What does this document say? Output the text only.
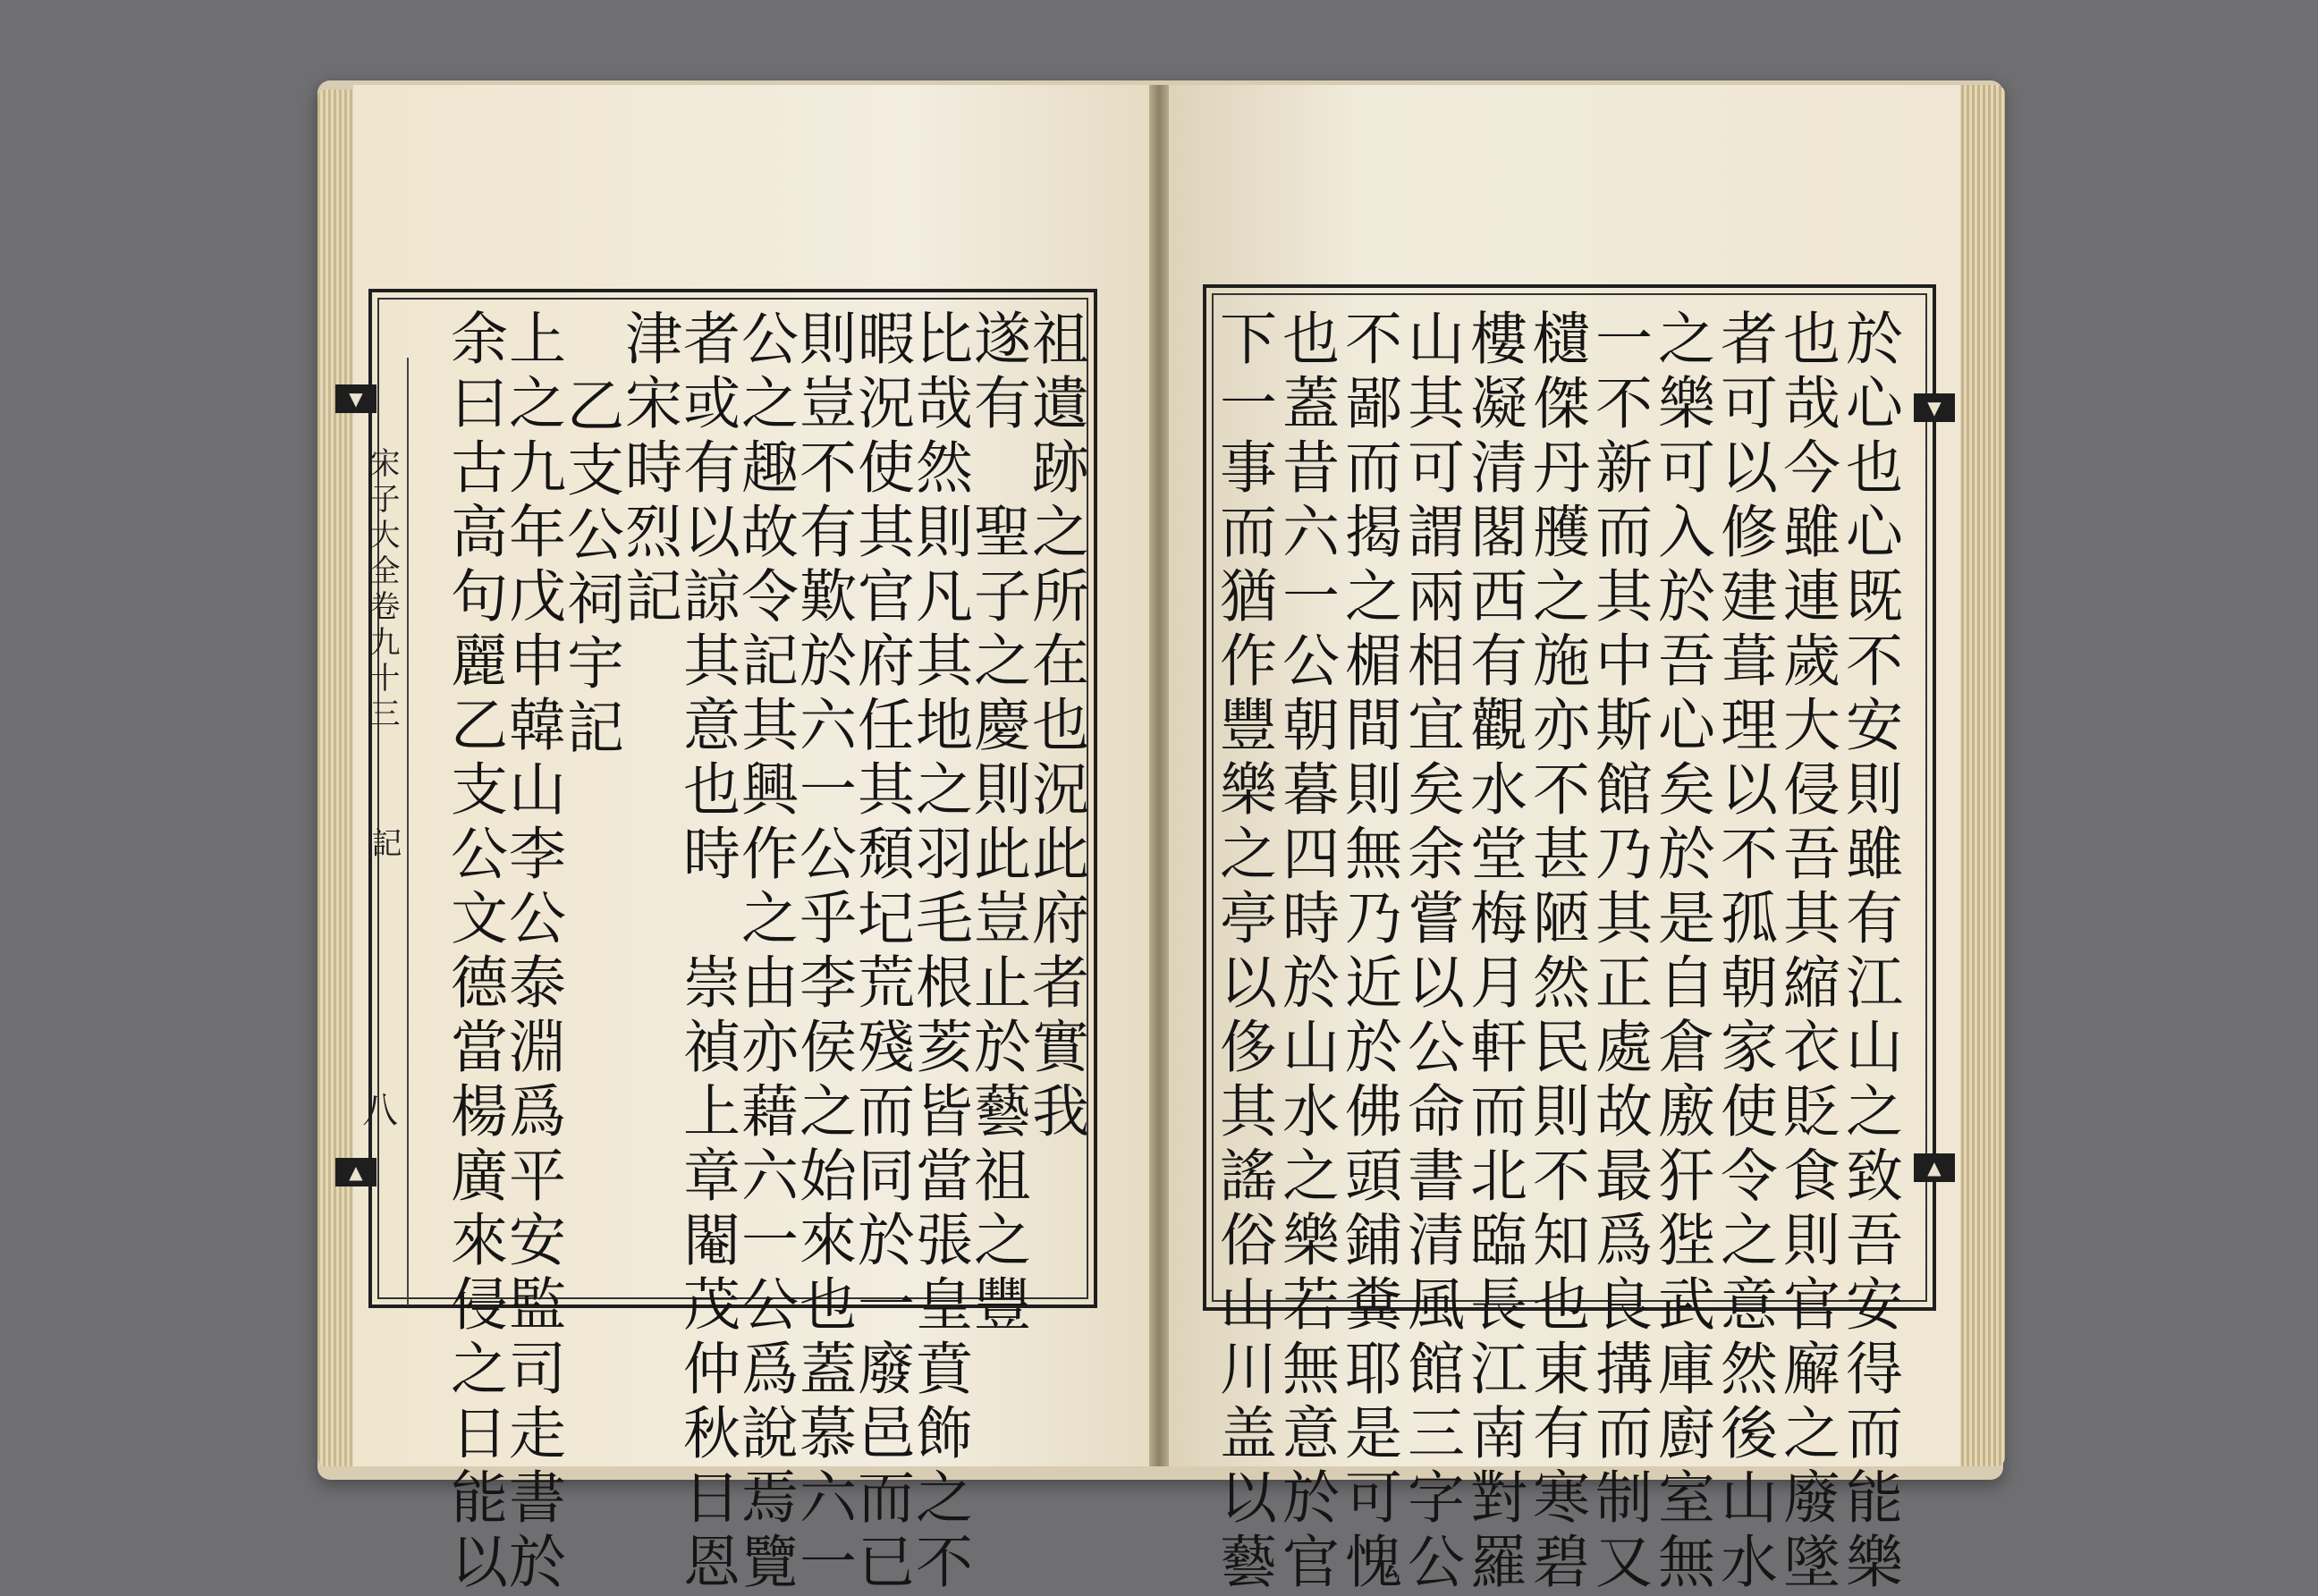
▼
▲
宋子大全卷九十三
記
八	祖遺跡之所在也況此府者實我
遂有　聖子之慶則此豈止於藝祖之豐
比哉然則凡其地之羽毛根荄皆當張皇賁飾之不
暇況使其官府任其頹圮荒殘而同於一廢邑而已
則豈不有歎於六一公乎李侯之始來也蓋慕六一
公之趣故令記其興作之由亦藉六一公爲說焉覽
者或有以諒其意也時　崇禎上章閹茂仲秋日恩
津宋時烈記
乙支公祠宇記
上之九年戊申韓山李公泰淵爲平安監司走書於
余曰古高句麗乙支公文德當楊廣來侵之日能以	▼
▲
於心也心既不安則雖有江山之致吾安得而能樂
也哉今雖連歲大侵吾其縮衣貶食則官廨之廢墜
者可以修建葺理以不孤朝家使令之意然後山水
之樂可入於吾心矣於是自倉廒犴狴武庫廚室無
一不新而其中斯館乃其正處故最爲良搆而制又
𣟧傑丹雘之施亦不甚陋然民則不知也東有寒碧
樓凝清閣西有觀水堂梅月軒而北臨長江南對羅
山其可謂兩相宜矣余嘗以公命書清風館三字公
不鄙而揭之楣間則無乃近於佛頭鋪糞耶是可愧
也蓋昔六一公朝暮四時於山水之樂若無意於官
下一事而猶作豐樂之亭以侈其謠俗山川盖以藝
